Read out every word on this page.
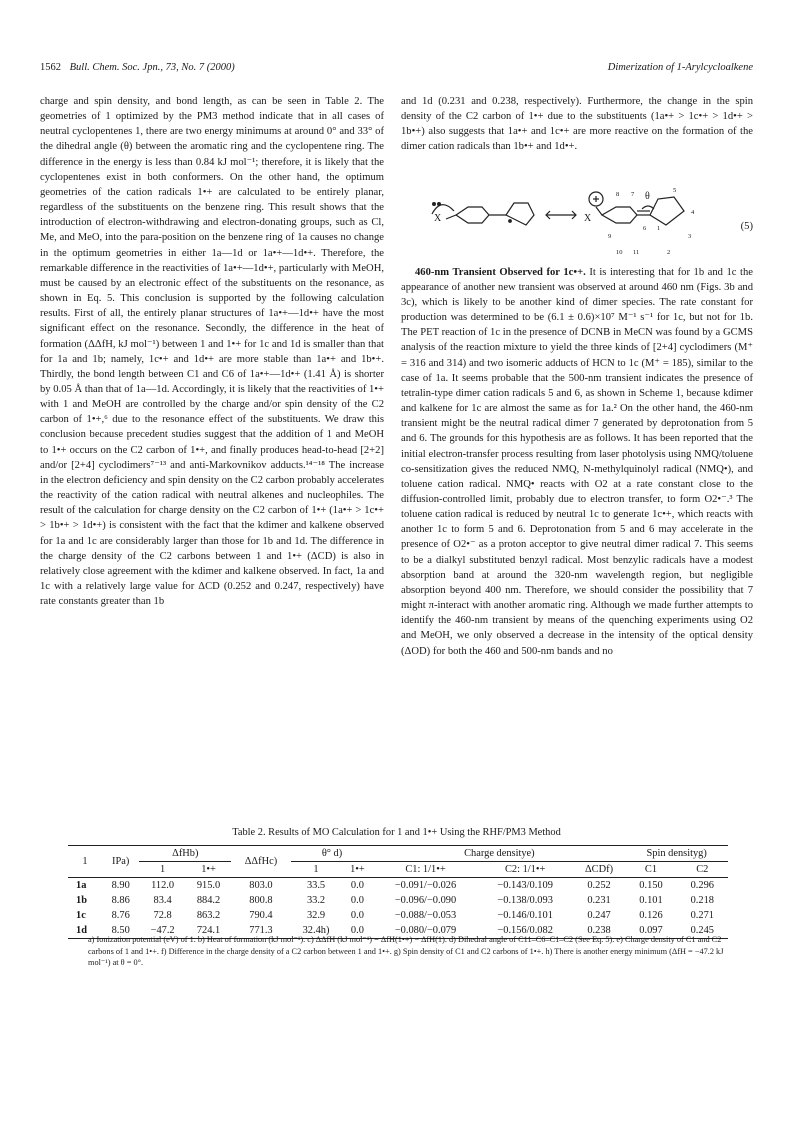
1562 Bull. Chem. Soc. Jpn., 73, No. 7 (2000)	Dimerization of 1-Arylcycloalkene

charge and spin density, and bond length, as can be seen in Table 2. The geometries of 1 optimized by the PM3 method indicate that in all cases of neutral cyclopentenes 1, there are two energy minimums at around 0° and 33° of the dihedral angle (θ) between the aromatic ring and the cyclopentene ring. The difference in the energy is less than 0.84 kJ mol⁻¹; therefore, it is likely that the cyclopentenes exist in both conformers. On the other hand, the optimum geometries of the cation radicals 1•+ are calculated to be entirely planar, regardless of the substituents on the benzene ring. This result shows that the introduction of electron-withdrawing and electron-donating groups, such as Cl, Me, and MeO, into the para-position on the benzene ring of 1a causes no change in the optimum geometries in either 1a—1d or 1a•+—1d•+. Therefore, the remarkable difference in the reactivities of 1a•+—1d•+, particularly with MeOH, must be caused by an electronic effect of the substituents on the resonance, as shown in Eq. 5. This conclusion is supported by the following calculation results. First of all, the entirely planar structures of 1a•+—1d•+ have the most significant effect on the resonance. Secondly, the difference in the heat of formation (ΔΔfH, kJ mol⁻¹) between 1 and 1•+ for 1c and 1d is smaller than that for 1a and 1b; namely, 1c•+ and 1d•+ are more stable than 1a•+ and 1b•+. Thirdly, the bond length between C1 and C6 of 1a•+—1d•+ (1.41 Å) is shorter by 0.05 Å than that of 1a—1d. Accordingly, it is likely that the reactivities of 1•+ with 1 and MeOH are controlled by the charge and/or spin density of the C2 carbon of 1•+,⁶ due to the resonance effect of the substituents. We draw this conclusion because precedent studies suggest that the addition of 1 and MeOH to 1•+ occurs on the C2 carbon of 1•+, and finally produces head-to-head [2+2] and/or [2+4] cyclodimers⁷⁻¹³ and anti-Markovnikov adducts.¹⁴⁻¹⁸ The increase in the electron deficiency and spin density on the C2 carbon probably accelerates the reactivity of the cation radical with neutral alkenes and nucleophiles. The result of the calculation for charge density on the C2 carbon of 1•+ (1a•+ > 1c•+ > 1b•+ > 1d•+) is consistent with the fact that the kdimer and kalkene observed for 1a and 1c are considerably larger than those for 1b and 1d. The difference in the charge density of the C2 carbons between 1 and 1•+ (ΔCD) is also in relatively close agreement with the kdimer and kalkene observed. In fact, 1a and 1c with a relatively large value for ΔCD (0.252 and 0.247, respectively) have rate constants greater than 1b

and 1d (0.231 and 0.238, respectively). Furthermore, the change in the spin density of the C2 carbon of 1•+ due to the substituents (1a•+ > 1c•+ > 1d•+ > 1b•+) also suggests that 1a•+ and 1c•+ are more reactive on the formation of the dimer cation radicals than 1b•+ and 1d•+.

X	X
θ
8 7
5
4
3
1
6
9
10 11	2
(5)

460-nm Transient Observed for 1c•+. It is interesting that for 1b and 1c the appearance of another new transient was observed at around 460 nm (Figs. 3b and 3c), which is likely to be another kind of dimer species. The rate constant for production was determined to be (6.1 ± 0.6)×10⁷ M⁻¹ s⁻¹ for 1c, but not for 1b. The PET reaction of 1c in the presence of DCNB in MeCN was found by a GCMS analysis of the reaction mixture to yield the three kinds of [2+4] cyclodimers (M⁺ = 316 and 314) and two isomeric adducts of HCN to 1c (M⁺ = 185), similar to the case of 1a. It seems probable that the 500-nm transient indicates the presence of tetralin-type dimer cation radicals 5 and 6, as shown in Scheme 1, because kdimer and kalkene for 1c are almost the same as for 1a.² On the other hand, the 460-nm transient might be the neutral radical dimer 7 generated by deprotonation from 5 and 6. The grounds for this hypothesis are as follows. It has been reported that the initial electron-transfer process resulting from laser photolysis using NMQ/toluene co-sensitization gives the reduced NMQ, N-methylquinolyl radical (NMQ•), and toluene cation radical. NMQ• reacts with O2 at a rate constant close to the diffusion-controlled limit, probably due to electron transfer, to form O2•⁻.³ The toluene cation radical is reduced by neutral 1c to generate 1c•+, which reacts with another 1c to form 5 and 6. Deprotonation from 5 and 6 may accelerate in the presence of O2•⁻ as a proton acceptor to give neutral dimer radical 7. This seems to be a dialkyl substituted benzyl radical. Most benzylic radicals have a modest absorption band at around the 320-nm wavelength region, but negligible absorption beyond 400 nm. Therefore, we should consider the possibility that 7 might π-interact with another aromatic ring. Although we made further attempts to identify the 460-nm transient by means of the quenching experiments using O2 and MeOH, we only observed a decrease in the intensity of the optical density (ΔOD) for both the 460 and 500-nm bands and no

Table 2. Results of MO Calculation for 1 and 1•+ Using the RHF/PM3 Method
1	IPa)	ΔfHb)		ΔΔfHc)	θ° d)		Charge densitye)			Spin densityg)	
		1	1•+		1	1•+	C1: 1/1•+	C2: 1/1•+	ΔCDf)	C1	C2
1a	8.90	112.0	915.0	803.0	33.5	0.0	−0.091/−0.026	−0.143/0.109	0.252	0.150	0.296
1b	8.86	83.4	884.2	800.8	33.2	0.0	−0.096/−0.090	−0.138/0.093	0.231	0.101	0.218
1c	8.76	72.8	863.2	790.4	32.9	0.0	−0.088/−0.053	−0.146/0.101	0.247	0.126	0.271
1d	8.50	−47.2	724.1	771.3	32.4h)	0.0	−0.080/−0.079	−0.156/0.082	0.238	0.097	0.245
a) Ionization potential (eV) of 1. b) Heat of formation (kJ mol⁻¹). c) ΔΔfH (kJ mol⁻¹) = ΔfH(1•+) − ΔfH(1). d) Dihedral angle of C11–C6–C1–C2 (See Eq. 5). e) Charge density of C1 and C2 carbons of 1 and 1•+. f) Difference in the charge density of a C2 carbon between 1 and 1•+. g) Spin density of C1 and C2 carbons of 1•+. h) There is another energy minimum (ΔfH = −47.2 kJ mol⁻¹) at θ = 0°.
